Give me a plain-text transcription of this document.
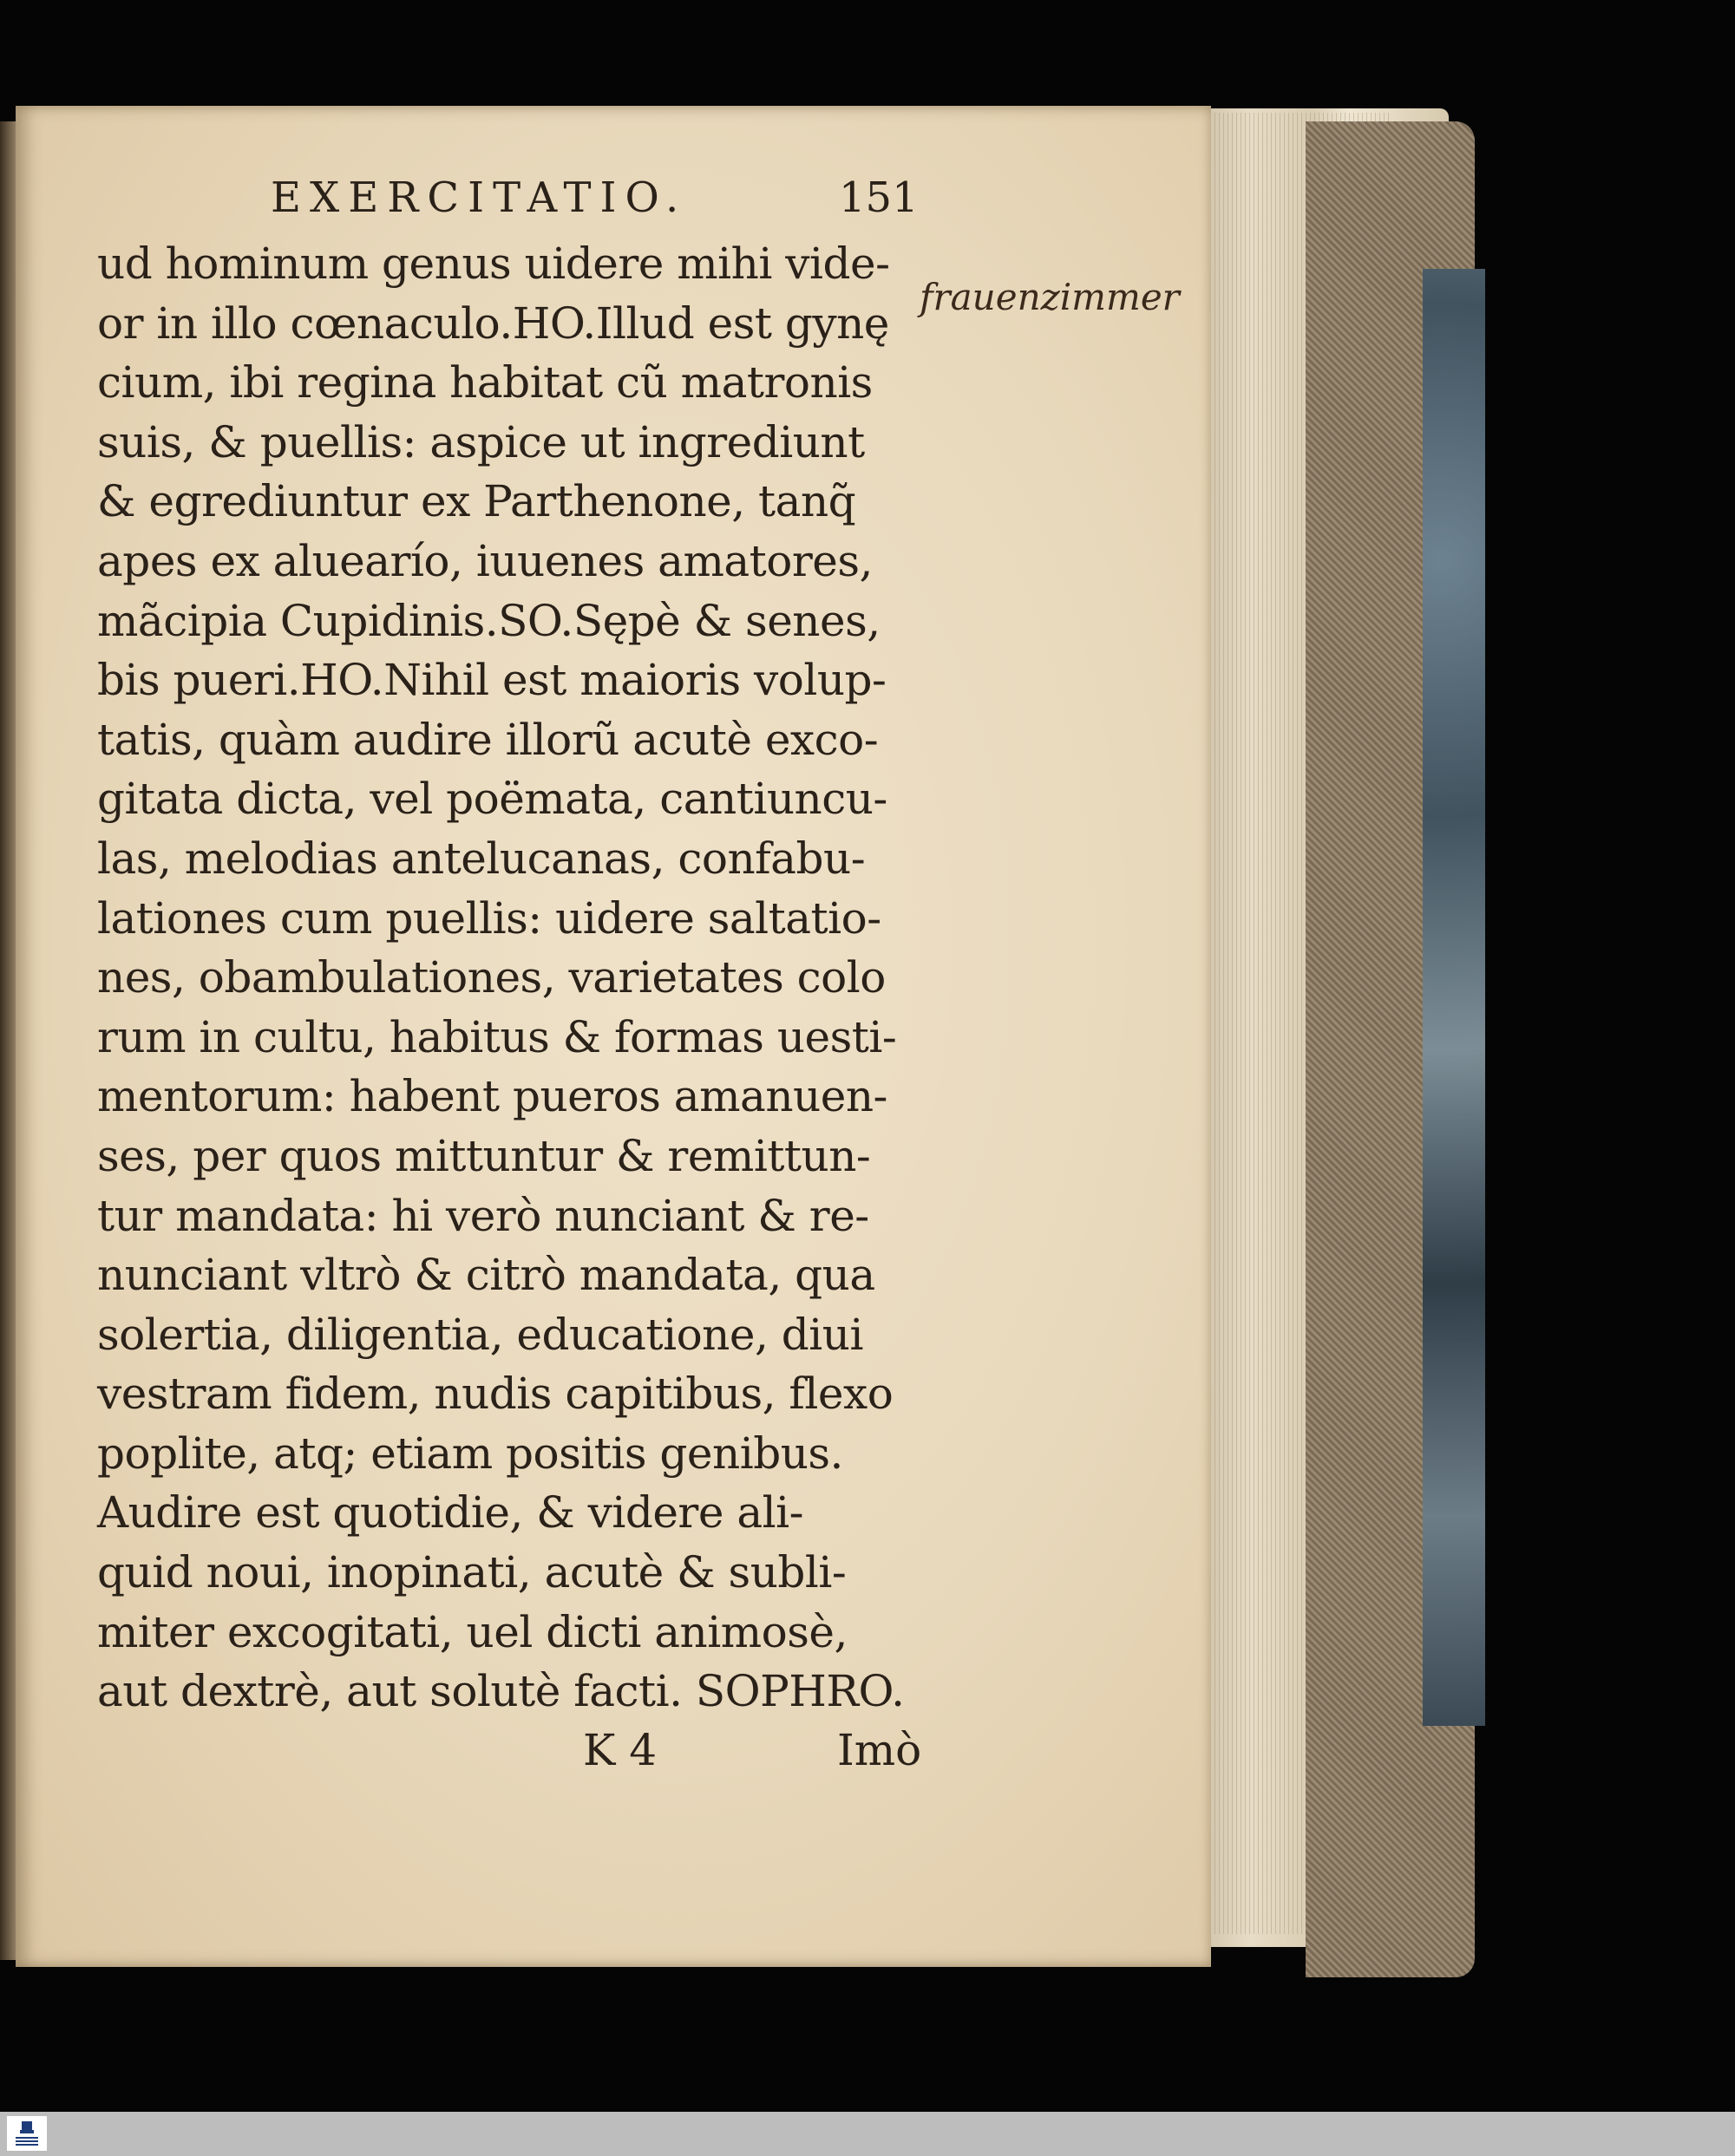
EXERCITATIO.	151
ud hominum genus uidere mihi vide-
or in illo cœnaculo.HO.Illud est gynę
cium, ibi regina habitat cũ matronis
suis, & puellis: aspice ut ingrediunt
& egrediuntur ex Parthenone, tanq̃
apes ex aluearío, iuuenes amatores,
mãcipia Cupidinis.SO.Sępè & senes,
bis pueri.HO.Nihil est maioris volup-
tatis, quàm audire illorũ acutè exco-
gitata dicta, vel poëmata, cantiuncu-
las, melodias antelucanas, confabu-
lationes cum puellis: uidere saltatio-
nes, obambulationes, varietates colo
rum in cultu, habitus & formas uesti-
mentorum: habent pueros amanuen-
ses, per quos mittuntur & remittun-
tur mandata: hi verò nunciant & re-
nunciant vltrò & citrò mandata, qua
solertia, diligentia, educatione, diui
vestram fidem, nudis capitibus, flexo
poplite, atq; etiam positis genibus.
Audire est quotidie, & videre ali-
quid noui, inopinati, acutè & subli-
miter excogitati, uel dicti animosè,
aut dextrè, aut solutè facti. SOPHRO.
K 4	Imò
frauenzimmer
